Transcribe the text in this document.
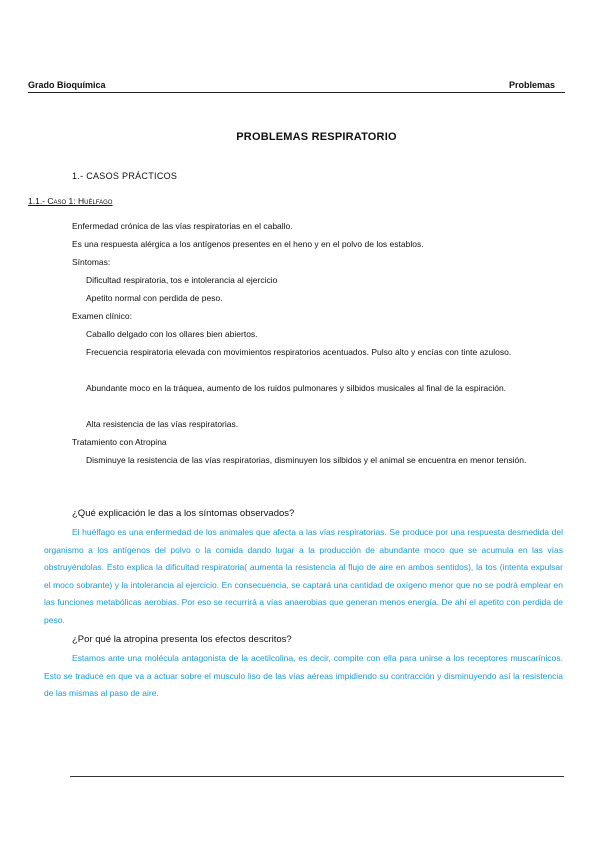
Grado Bioquímica	Problemas
PROBLEMAS RESPIRATORIO
1.- CASOS PRÁCTICOS
1.1.- Caso 1: Huélfago
Enfermedad crónica de las vías respiratorias en el caballo.
Es una respuesta alérgica a los antígenos presentes en el heno y en el polvo de los establos.
Síntomas:
Dificultad respiratoria, tos e intolerancia al ejercicio
Apetito normal con perdida de peso.
Examen clínico:
Caballo delgado con los ollares bien abiertos.
Frecuencia respiratoria elevada con movimientos respiratorios acentuados. Pulso alto y encías con tinte azuloso.
Abundante moco en la tráquea, aumento de los ruidos pulmonares y silbidos musicales al final de la espiración.
Alta resistencia de las vías respiratorias.
Tratamiento con Atropina
Disminuye la resistencia de las vías respiratorias, disminuyen los silbidos y el animal se encuentra en menor tensión.
¿Qué explicación le das a los síntomas observados?
El huélfago es una enfermedad de los animales que afecta a las vías respiratorias. Se produce por una respuesta desmedida del organismo a los antígenos del polvo o la comida dando lugar a la producción de abundante moco que se acumula en las vías obstruyéndolas. Esto explica la dificultad respiratoria( aumenta la resistencia al flujo de aire en ambos sentidos), la tos (intenta expulsar el moco sobrante) y la intolerancia al ejercicio. En consecuencia, se captará una cantidad de oxígeno menor que no se podrá emplear en las funciones metabólicas aerobias. Por eso se recurrirá a vías anaerobias que generan menos energía. De ahí el apetito con perdida de peso.
¿Por qué la atropina presenta los efectos descritos?
Estamos ante una molécula antagonista de la acetilcolina, es decir, compite con ella para unirse a los receptores muscarínicos. Esto se traduce en que va a actuar sobre el musculo liso de las vías aéreas impidiendo su contracción y disminuyendo así la resistencia de las mismas al paso de aire.
